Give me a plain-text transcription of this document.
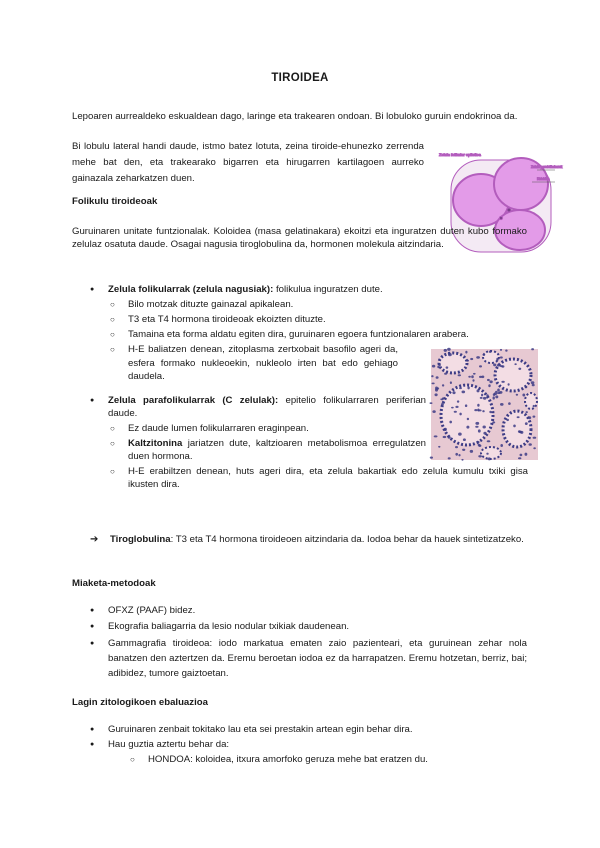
TIROIDEA
Lepoaren aurrealdeko eskualdean dago, laringe eta trakearen ondoan. Bi lobuloko guruin endokrinoa da.
Bi lobulu lateral handi daude, istmo batez lotuta, zeina tiroide-ehunezko zerrenda mehe bat den, eta trakearako bigarren eta hirugarren kartilagoen aurreko gainazala zeharkatzen duen.
Zelula folikular epitelioa
Zelula parafolikularrak
Koloidea
Folikulu tiroideoak
Guruinaren unitate funtzionalak. Koloidea (masa gelatinakara) ekoitzi eta inguratzen duten kubo formako zelulaz osatuta daude. Osagai nagusia tiroglobulina da, hormonen molekula aitzindaria.
● Zelula folikularrak (zelula nagusiak): folikulua inguratzen dute.
○ Bilo motzak dituzte gainazal apikalean.
○ T3 eta T4 hormona tiroideoak ekoizten dituzte.
○ Tamaina eta forma aldatu egiten dira, guruinaren egoera funtzionalaren arabera.
○ H-E baliatzen denean, zitoplasma zertxobait basofilo ageri da, esfera formako nukleoekin, nukleolo irten bat edo gehiago daudela.
● Zelula parafolikularrak (C zelulak): epitelio folikularraren periferian daude.
○ Ez daude lumen folikularraren eraginpean.
○ Kaltzitonina jariatzen dute, kaltzioaren metabolismoa erregulatzen duen hormona.
○ H-E erabiltzen denean, huts ageri dira, eta zelula bakartiak edo zelula kumulu txiki gisa ikusten dira.
➔ Tiroglobulina: T3 eta T4 hormona tiroideoen aitzindaria da. Iodoa behar da hauek sintetizatzeko.
Miaketa-metodoak
● OFXZ (PAAF) bidez.
● Ekografia baliagarria da lesio nodular txikiak daudenean.
● Gammagrafia tiroideoa: iodo markatua ematen zaio pazienteari, eta guruinean zehar nola banatzen den aztertzen da. Eremu beroetan iodoa ez da harrapatzen. Eremu hotzetan, berriz, bai; adibidez, tumore gaiztoetan.
Lagin zitologikoen ebaluazioa
● Guruinaren zenbait tokitako lau eta sei prestakin artean egin behar dira.
● Hau guztia aztertu behar da:
○ HONDOA: koloidea, itxura amorfoko geruza mehe bat eratzen du.
